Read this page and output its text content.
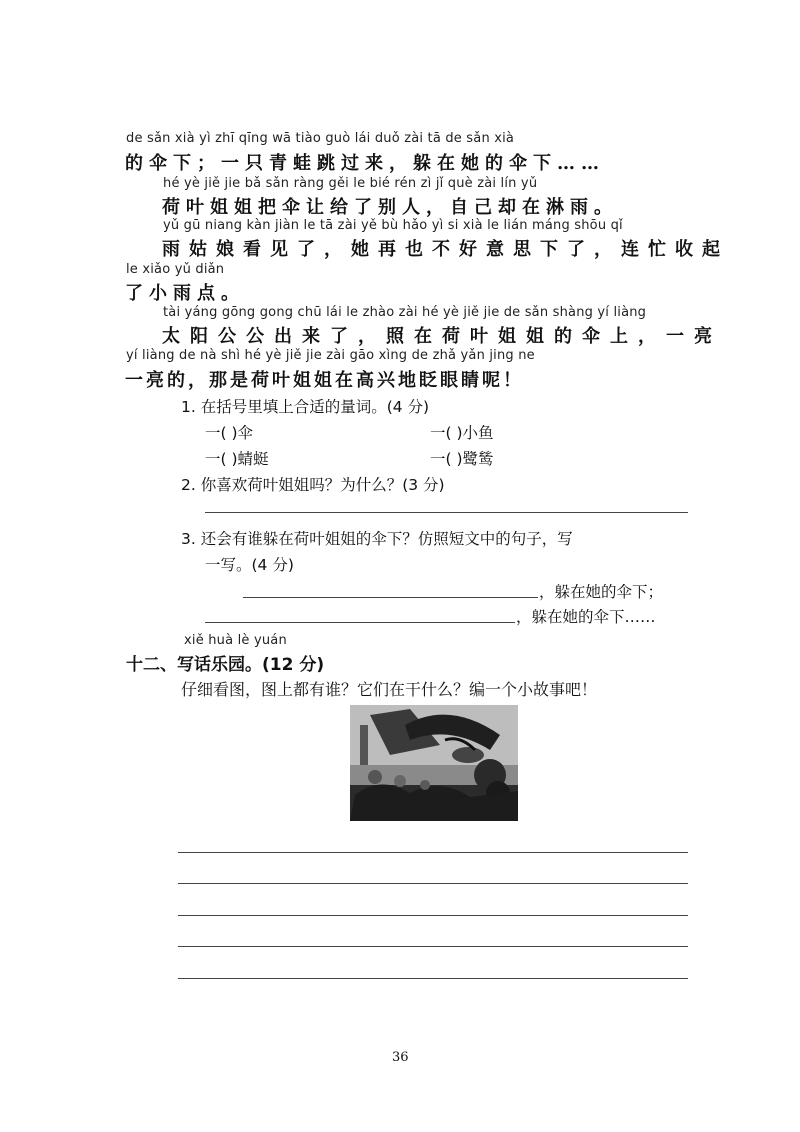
de sǎn xià yì zhī qīng wā tiào guò lái duǒ zài tā de sǎn xià
的伞下；一只青蛙跳过来，躲在她的伞下……
hé yè jiě jie bǎ sǎn ràng gěi le bié rén zì jǐ què zài lín yǔ
荷叶姐姐把伞让给了别人，自己却在淋雨。
yǔ gū niang kàn jiàn le tā zài yě bù hǎo yì si xià le lián máng shōu qǐ
雨姑娘看见了，她再也不好意思下了，连忙收起
le xiǎo yǔ diǎn
了小雨点。
tài yáng gōng gong chū lái le zhào zài hé yè jiě jie de sǎn shàng yí liàng
太阳公公出来了，照在荷叶姐姐的伞上，一亮
yí liàng de nà shì hé yè jiě jie zài gāo xìng de zhǎ yǎn jing ne
一亮的，那是荷叶姐姐在高兴地眨眼睛呢！
1. 在括号里填上合适的量词。(4 分)
一( )伞	一( )小鱼
一( )蜻蜓	一( )鹭鸶
2. 你喜欢荷叶姐姐吗？为什么？(3 分)
3. 还会有谁躲在荷叶姐姐的伞下？仿照短文中的句子，写
一写。(4 分)
，躲在她的伞下；
，躲在她的伞下……
xiě huà lè yuán
十二、写话乐园。(12 分)
仔细看图，图上都有谁？它们在干什么？编一个小故事吧！
36
